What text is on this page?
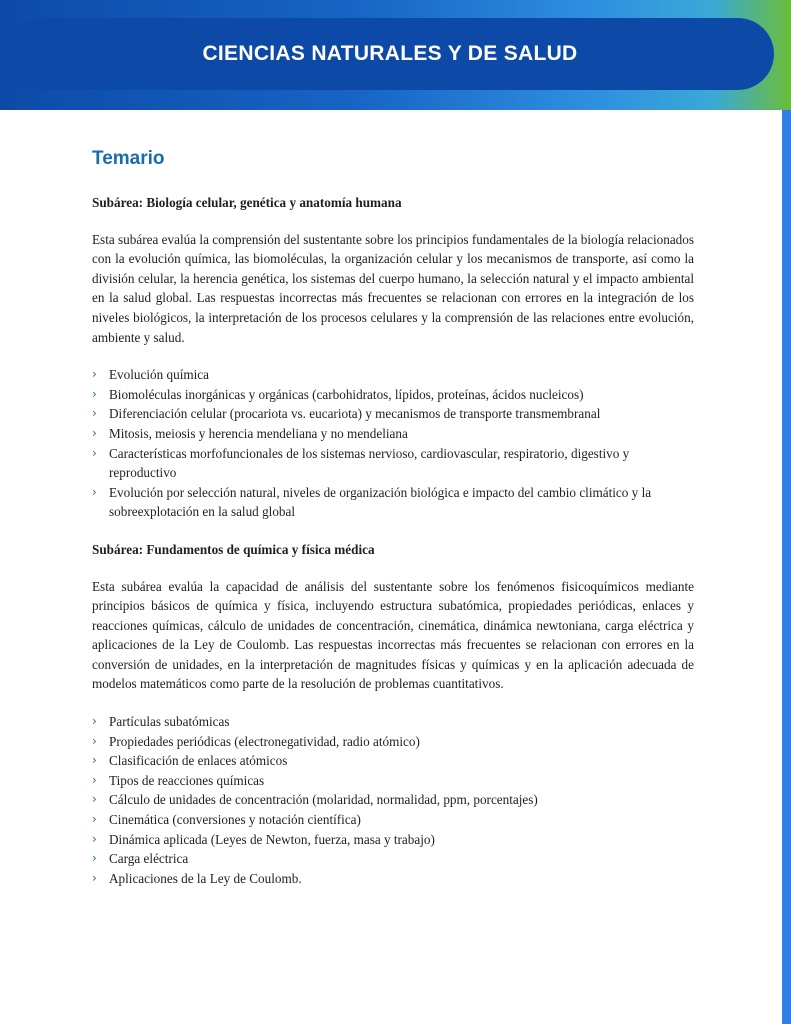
CIENCIAS NATURALES Y DE SALUD
Temario

Subárea: Biología celular, genética y anatomía humana

Esta subárea evalúa la comprensión del sustentante sobre los principios fundamentales de la biología relacionados con la evolución química, las biomoléculas, la organización celular y los mecanismos de transporte, así como la división celular, la herencia genética, los sistemas del cuerpo humano, la selección natural y el impacto ambiental en la salud global. Las respuestas incorrectas más frecuentes se relacionan con errores en la integración de los niveles biológicos, la interpretación de los procesos celulares y la comprensión de las relaciones entre evolución, ambiente y salud.

› Evolución química
› Biomoléculas inorgánicas y orgánicas (carbohidratos, lípidos, proteínas, ácidos nucleicos)
› Diferenciación celular (procariota vs. eucariota) y mecanismos de transporte transmembranal
› Mitosis, meiosis y herencia mendeliana y no mendeliana
› Características morfofuncionales de los sistemas nervioso, cardiovascular, respiratorio, digestivo y reproductivo
› Evolución por selección natural, niveles de organización biológica e impacto del cambio climático y la sobreexplotación en la salud global

Subárea: Fundamentos de química y física médica

Esta subárea evalúa la capacidad de análisis del sustentante sobre los fenómenos fisicoquímicos mediante principios básicos de química y física, incluyendo estructura subatómica, propiedades periódicas, enlaces y reacciones químicas, cálculo de unidades de concentración, cinemática, dinámica newtoniana, carga eléctrica y aplicaciones de la Ley de Coulomb. Las respuestas incorrectas más frecuentes se relacionan con errores en la conversión de unidades, en la interpretación de magnitudes físicas y químicas y en la aplicación adecuada de modelos matemáticos como parte de la resolución de problemas cuantitativos.

› Partículas subatómicas
› Propiedades periódicas (electronegatividad, radio atómico)
› Clasificación de enlaces atómicos
› Tipos de reacciones químicas
› Cálculo de unidades de concentración (molaridad, normalidad, ppm, porcentajes)
› Cinemática (conversiones y notación científica)
› Dinámica aplicada (Leyes de Newton, fuerza, masa y trabajo)
› Carga eléctrica
› Aplicaciones de la Ley de Coulomb.
